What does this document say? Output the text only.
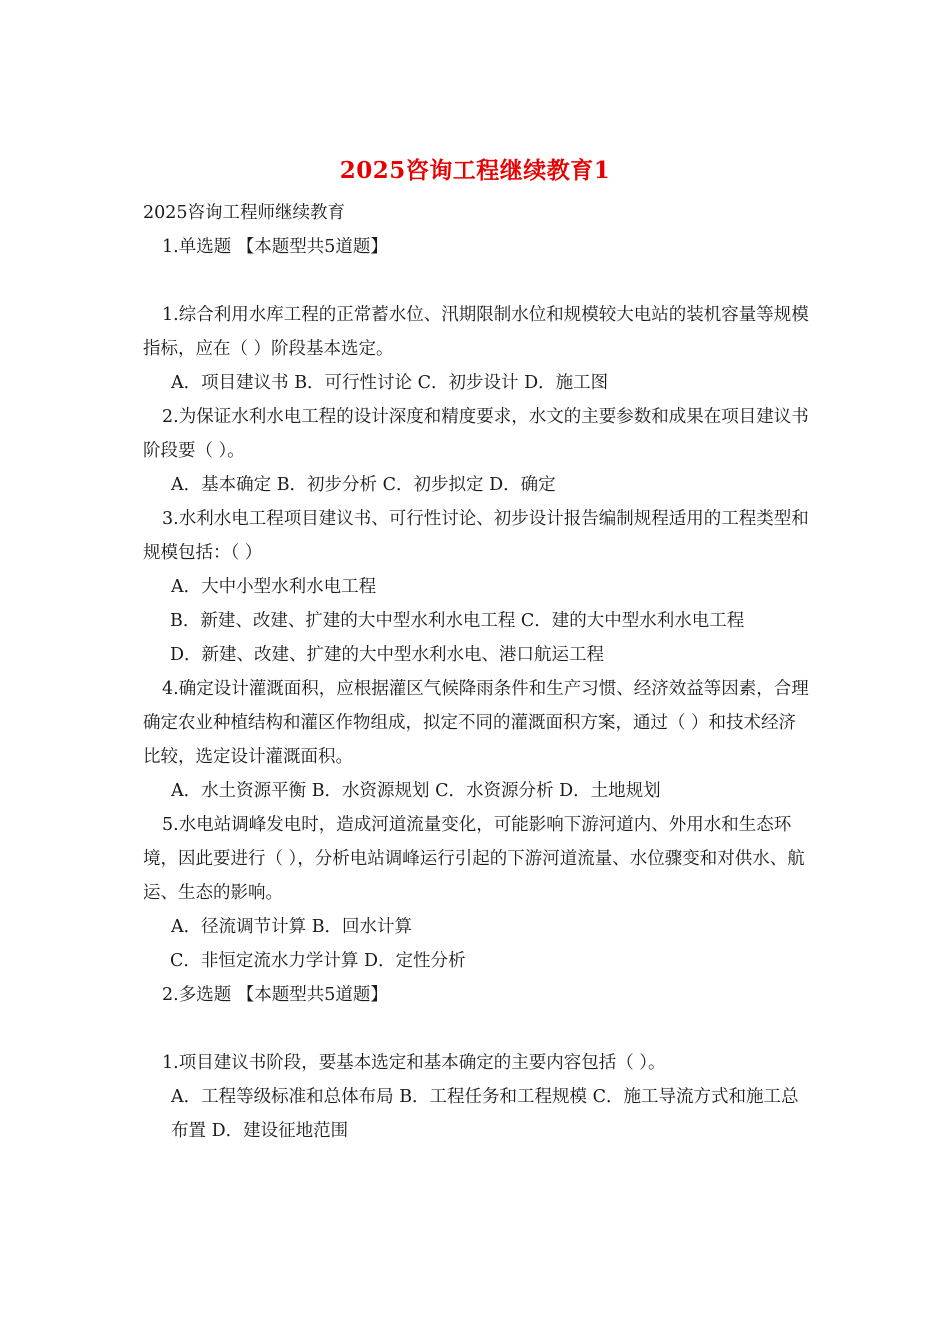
2025咨询工程继续教育1

2025咨询工程师继续教育

1.单选题 【本题型共5道题】

1.综合利用水库工程的正常蓄水位、汛期限制水位和规模较大电站的装机容量等规模指标，应在（ ）阶段基本选定。

A．项目建议书 B．可行性讨论 C．初步设计 D．施工图

2.为保证水利水电工程的设计深度和精度要求，水文的主要参数和成果在项目建议书阶段要（ ）。

A．基本确定 B．初步分析 C．初步拟定 D．确定

3.水利水电工程项目建议书、可行性讨论、初步设计报告编制规程适用的工程类型和规模包括：（ ）

A．大中小型水利水电工程

B．新建、改建、扩建的大中型水利水电工程 C．建的大中型水利水电工程

D．新建、改建、扩建的大中型水利水电、港口航运工程

4.确定设计灌溉面积，应根据灌区气候降雨条件和生产习惯、经济效益等因素，合理确定农业种植结构和灌区作物组成，拟定不同的灌溉面积方案，通过（ ）和技术经济比较，选定设计灌溉面积。

A．水土资源平衡 B．水资源规划 C．水资源分析 D．土地规划

5.水电站调峰发电时，造成河道流量变化，可能影响下游河道内、外用水和生态环境，因此要进行（ ），分析电站调峰运行引起的下游河道流量、水位骤变和对供水、航运、生态的影响。

A．径流调节计算 B．回水计算

C．非恒定流水力学计算 D．定性分析

2.多选题 【本题型共5道题】

1.项目建议书阶段，要基本选定和基本确定的主要内容包括（ ）。

A．工程等级标准和总体布局 B．工程任务和工程规模 C．施工导流方式和施工总布置 D．建设征地范围
